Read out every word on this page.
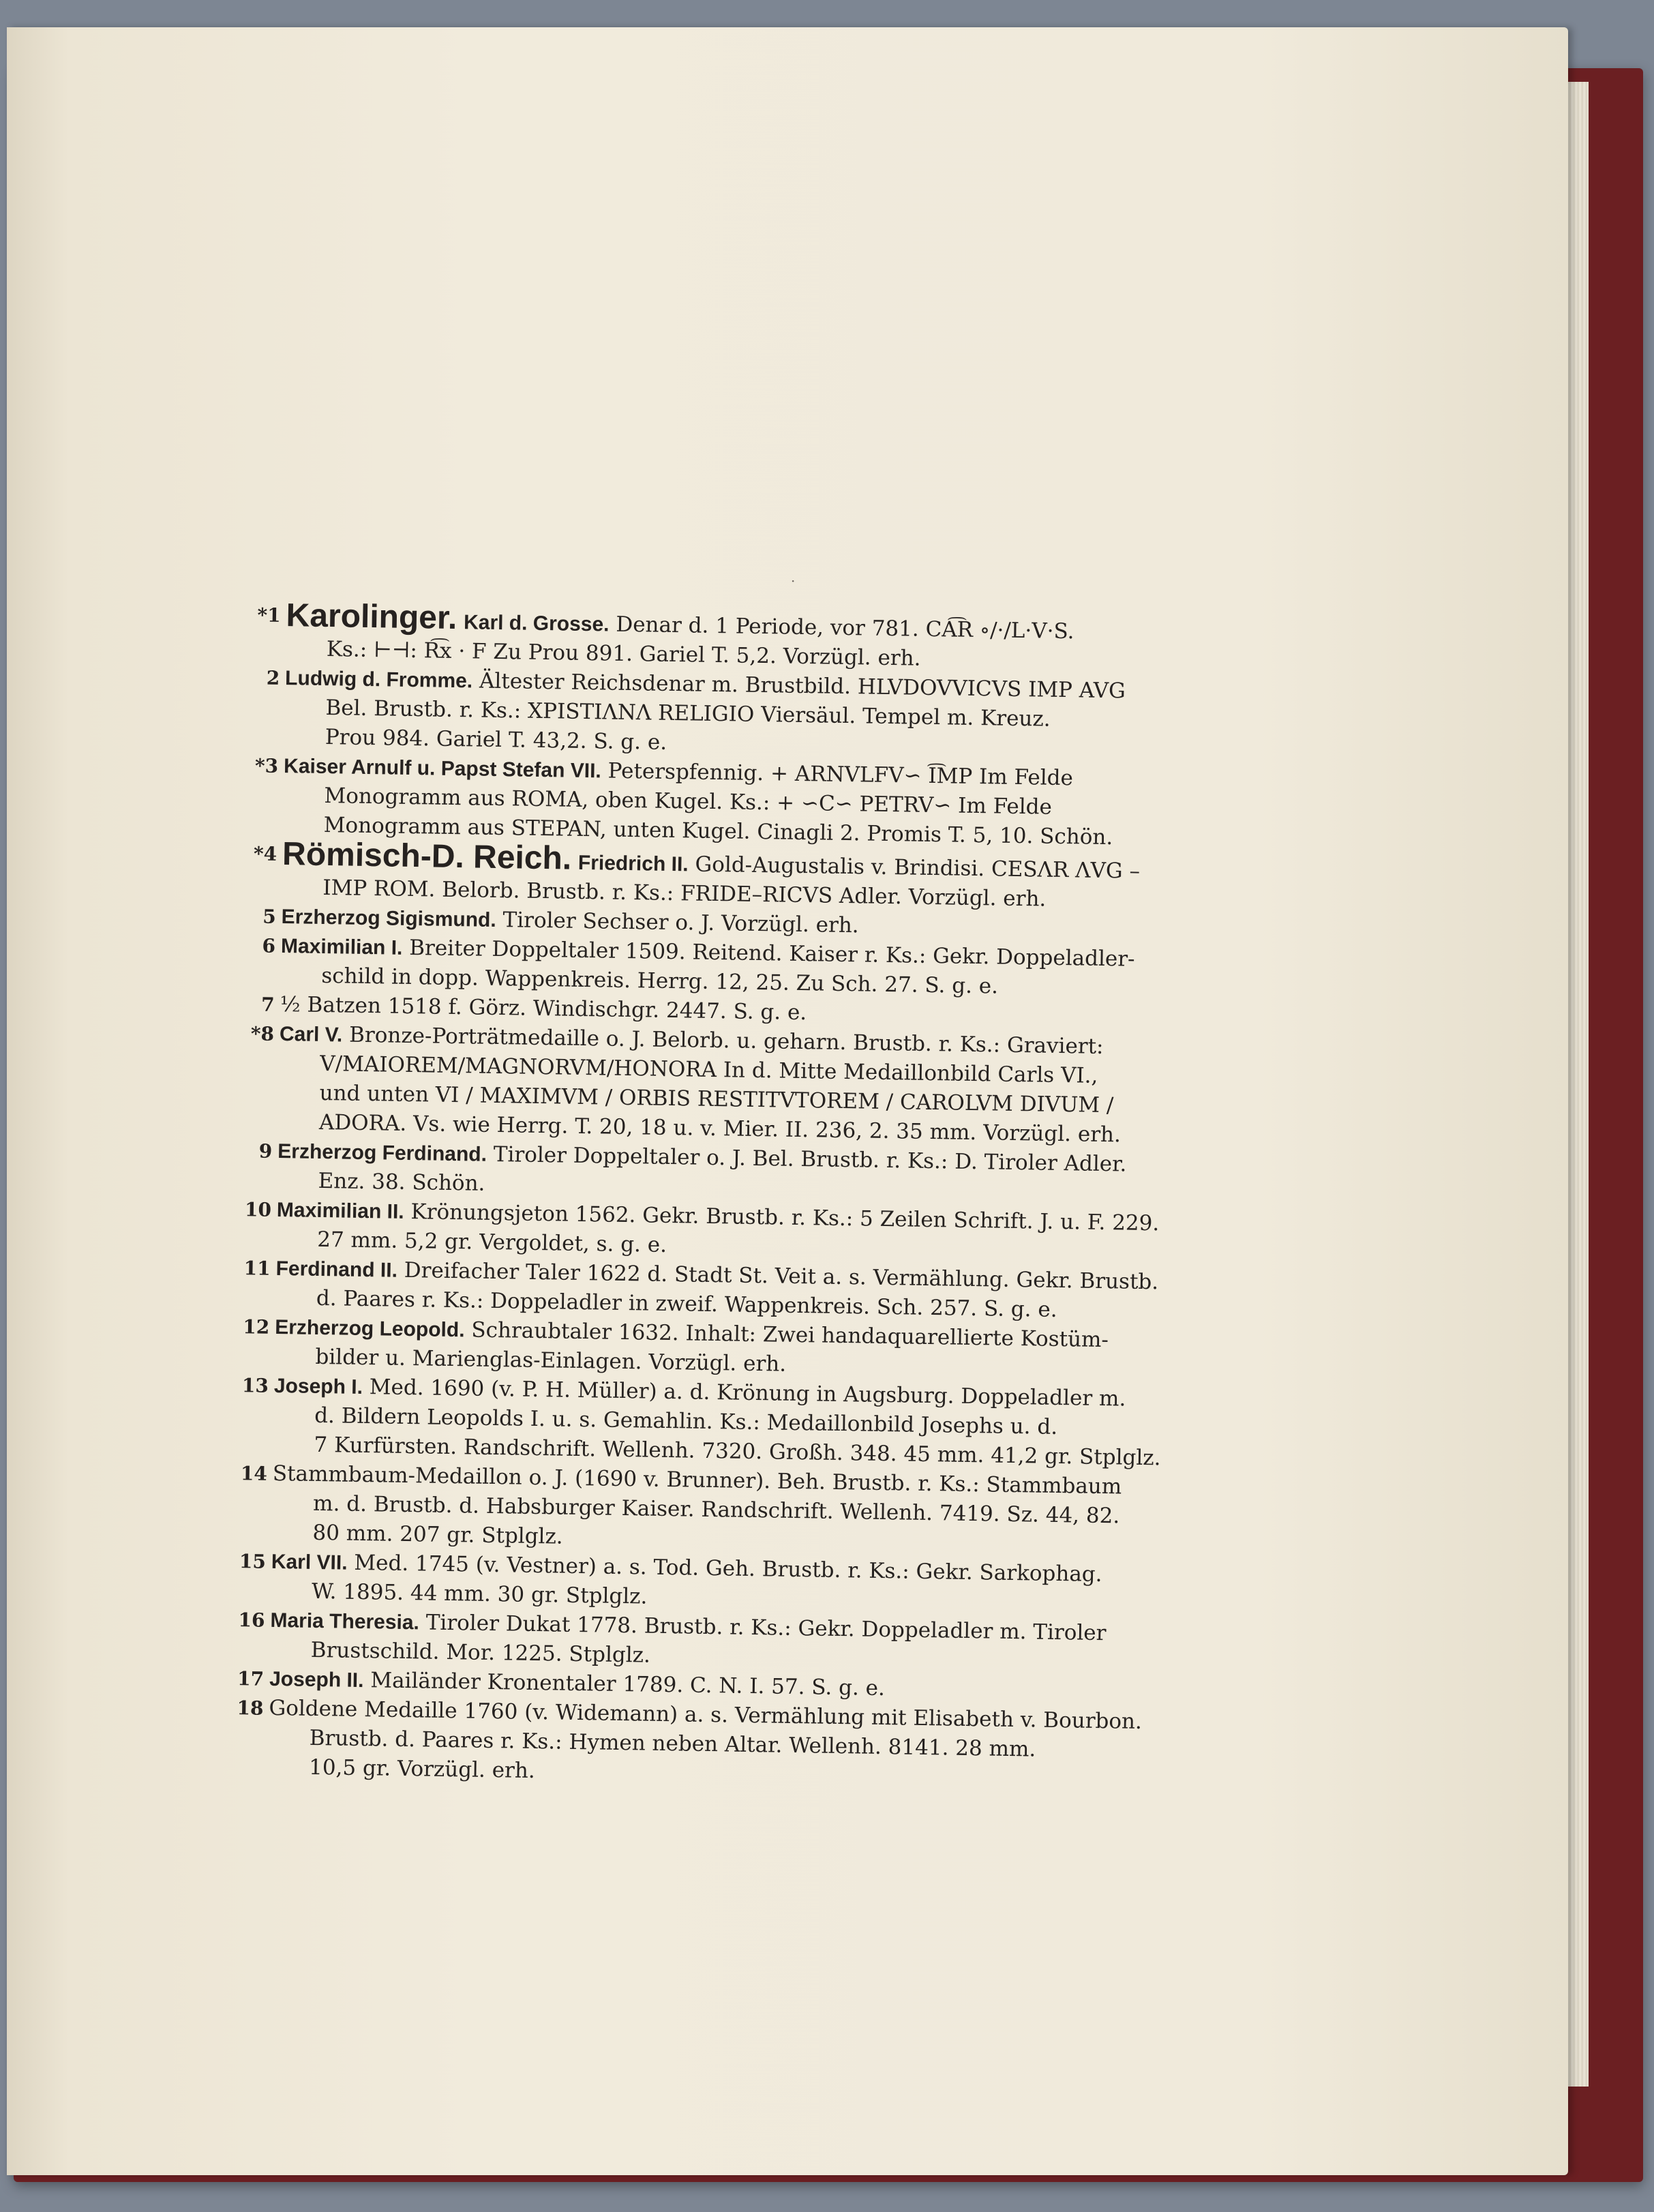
·
*1 Karolinger. Karl d. Grosse. Denar d. 1 Periode, vor 781. CA͡R ∘/·/L·V·S.
Ks.: ⊢⊣: R͡x · F Zu Prou 891. Gariel T. 5,2. Vorzügl. erh.
2 Ludwig d. Fromme. Ältester Reichsdenar m. Brustbild. HLVDOVVICVS IMP AVG
Bel. Brustb. r. Ks.: XPISTIΛNΛ RELIGIO Viersäul. Tempel m. Kreuz.
Prou 984. Gariel T. 43,2. S. g. e.
*3 Kaiser Arnulf u. Papst Stefan VII. Peterspfennig. + ARNVLFV∽ I͡MP Im Felde
Monogramm aus ROMA, oben Kugel. Ks.: + ∽C∽ PETRV∽ Im Felde
Monogramm aus STEPAN, unten Kugel. Cinagli 2. Promis T. 5, 10. Schön.
*4 Römisch-D. Reich. Friedrich II. Gold-Augustalis v. Brindisi. CESΛR ΛVG –
IMP ROM. Belorb. Brustb. r. Ks.: FRIDE–RICVS Adler. Vorzügl. erh.
5 Erzherzog Sigismund. Tiroler Sechser o. J. Vorzügl. erh.
6 Maximilian I. Breiter Doppeltaler 1509. Reitend. Kaiser r. Ks.: Gekr. Doppeladler-
schild in dopp. Wappenkreis. Herrg. 12, 25. Zu Sch. 27. S. g. e.
7 ½ Batzen 1518 f. Görz. Windischgr. 2447. S. g. e.
*8 Carl V. Bronze-Porträtmedaille o. J. Belorb. u. geharn. Brustb. r. Ks.: Graviert:
V/MAIOREM/MAGNORVM/HONORA In d. Mitte Medaillonbild Carls VI.,
und unten VI / MAXIMVM / ORBIS RESTITVTOREM / CAROLVM DIVUM /
ADORA. Vs. wie Herrg. T. 20, 18 u. v. Mier. II. 236, 2. 35 mm. Vorzügl. erh.
9 Erzherzog Ferdinand. Tiroler Doppeltaler o. J. Bel. Brustb. r. Ks.: D. Tiroler Adler.
Enz. 38. Schön.
10 Maximilian II. Krönungsjeton 1562. Gekr. Brustb. r. Ks.: 5 Zeilen Schrift. J. u. F. 229.
27 mm. 5,2 gr. Vergoldet, s. g. e.
11 Ferdinand II. Dreifacher Taler 1622 d. Stadt St. Veit a. s. Vermählung. Gekr. Brustb.
d. Paares r. Ks.: Doppeladler in zweif. Wappenkreis. Sch. 257. S. g. e.
12 Erzherzog Leopold. Schraubtaler 1632. Inhalt: Zwei handaquarellierte Kostüm-
bilder u. Marienglas-Einlagen. Vorzügl. erh.
13 Joseph I. Med. 1690 (v. P. H. Müller) a. d. Krönung in Augsburg. Doppeladler m.
d. Bildern Leopolds I. u. s. Gemahlin. Ks.: Medaillonbild Josephs u. d.
7 Kurfürsten. Randschrift. Wellenh. 7320. Großh. 348. 45 mm. 41,2 gr. Stplglz.
14 Stammbaum-Medaillon o. J. (1690 v. Brunner). Beh. Brustb. r. Ks.: Stammbaum
m. d. Brustb. d. Habsburger Kaiser. Randschrift. Wellenh. 7419. Sz. 44, 82.
80 mm. 207 gr. Stplglz.
15 Karl VII. Med. 1745 (v. Vestner) a. s. Tod. Geh. Brustb. r. Ks.: Gekr. Sarkophag.
W. 1895. 44 mm. 30 gr. Stplglz.
16 Maria Theresia. Tiroler Dukat 1778. Brustb. r. Ks.: Gekr. Doppeladler m. Tiroler
Brustschild. Mor. 1225. Stplglz.
17 Joseph II. Mailänder Kronentaler 1789. C. N. I. 57. S. g. e.
18 Goldene Medaille 1760 (v. Widemann) a. s. Vermählung mit Elisabeth v. Bourbon.
Brustb. d. Paares r. Ks.: Hymen neben Altar. Wellenh. 8141. 28 mm.
10,5 gr. Vorzügl. erh.
